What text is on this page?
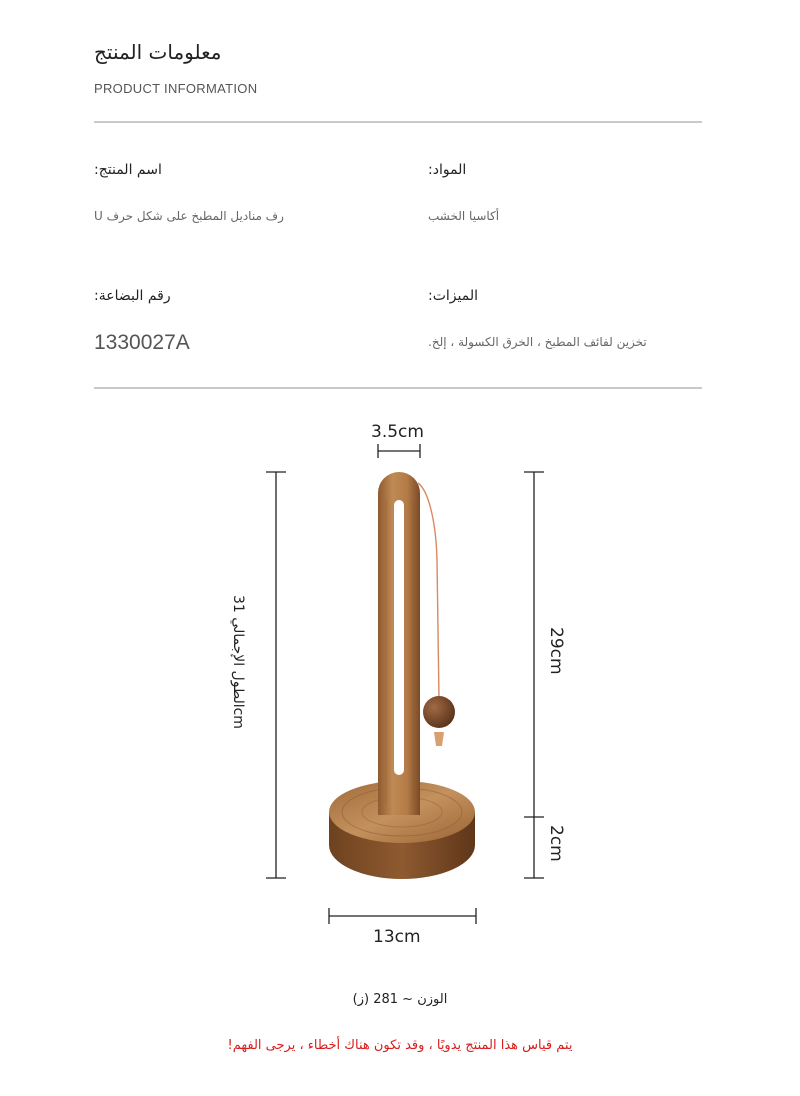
معلومات المنتج
PRODUCT INFORMATION
:اسم المنتج
U رف مناديل المطبخ على شكل حرف
:المواد
أكاسيا الخشب
:رقم البضاعة
1330027A
:الميزات
.تخزين لفائف المطبخ ، الخرق الكسولة ، إلخ
3.5cm
الطول الإجمالي 31cm
29cm
2cm
13cm
الوزن ~ 281 (ز)
!يتم قياس هذا المنتج يدويًا ، وقد تكون هناك أخطاء ، يرجى الفهم
